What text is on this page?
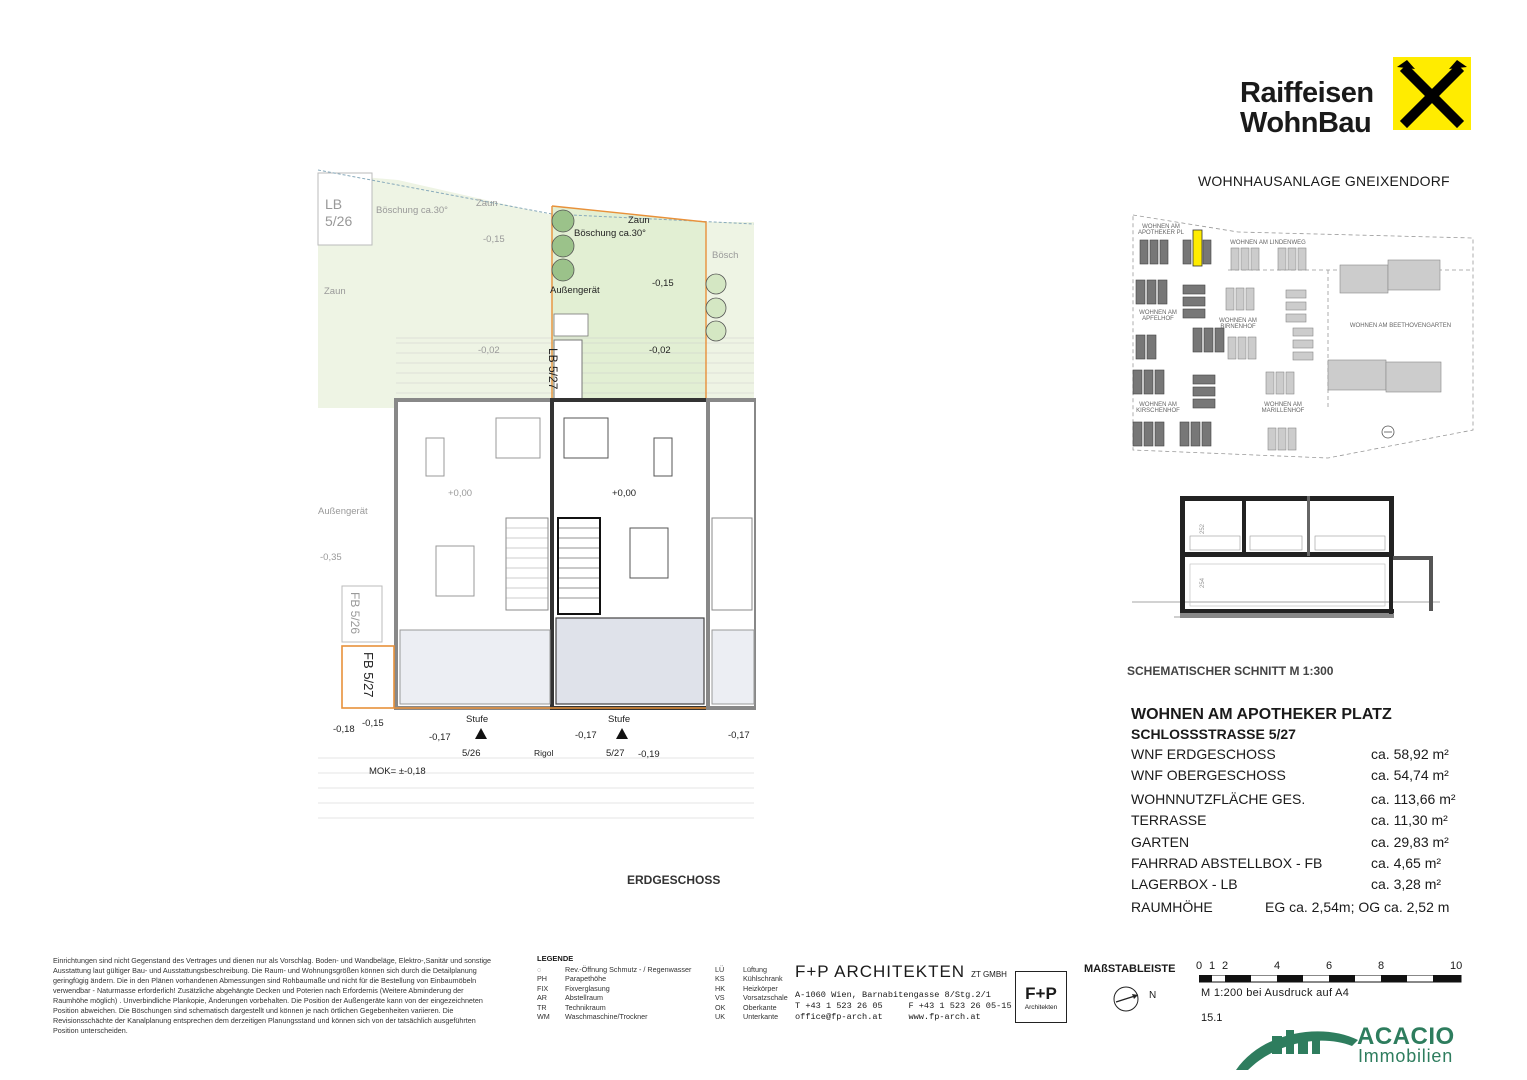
Raiffeisen
WohnBau
WOHNHAUSANLAGE GNEIXENDORF
WOHNEN AM APOTHEKER PL
WOHNEN AM LINDENWEG
WOHNEN AM APFELHOF	WOHNEN AM BIRNENHOF	WOHNEN AM BEETHOVENGARTEN
WOHNEN AM KIRSCHENHOF
WOHNEN AM MARILLENHOF
252
254
SCHEMATISCHER SCHNITT M 1:300
WOHNEN AM APOTHEKER PLATZ
SCHLOSSSTRASSE 5/27
WNF ERDGESCHOSS	ca. 58,92 m²
WNF OBERGESCHOSS	ca. 54,74 m²
WOHNNUTZFLÄCHE GES.	ca. 113,66 m²
TERRASSE	ca. 11,30 m²
GARTEN	ca. 29,83 m²
FAHRRAD ABSTELLBOX - FB	ca. 4,65 m²
LAGERBOX - LB	ca. 3,28 m²
RAUMHÖHE	EG ca. 2,54m; OG ca. 2,52 m
LB
5/26
Böschung ca.30°
Zaun
Zaun
Böschung ca.30°
Bösch
Zaun
-0,15
Außengerät
-0,15
-0,02	-0,02
LB 5/27
+0,00	+0,00
Außengerät
-0,35
FB 5/26
FB 5/27
-0,18
-0,15	Stufe
-0,17
5/26
Stufe
-0,17
5/27 -0,19
Rigol
MOK= ±-0,18
-0,17
ERDGESCHOSS
Einrichtungen sind nicht Gegenstand des Vertrages und dienen nur als Vorschlag. Boden- und Wandbeläge, Elektro-,Sanitär und sonstige Ausstattung laut gültiger Bau- und Ausstattungsbeschreibung. Die Raum- und Wohnungsgrößen können sich durch die Detailplanung geringfügig ändern. Die in den Plänen vorhandenen Abmessungen sind Rohbaumaße und nicht für die Bestellung von Einbaumöbeln verwendbar - Naturmasse erforderlich! Zusätzliche abgehängte Decken und Poterien nach Erfordernis (Weitere Abminderung der Raumhöhe möglich) . Unverbindliche Plankopie, Änderungen vorbehalten. Die Position der Außengeräte kann von der eingezeichneten Position abweichen. Die Böschungen sind schematisch dargestellt und können je nach örtlichen Gegebenheiten variieren. Die Revisionsschächte der Kanalplanung entsprechen dem derzeitigen Planungsstand und können sich von der tatsächlich ausgeführten Position unterscheiden.
LEGENDE
◌	Rev.-Öffnung Schmutz - / Regenwasser	LÜ	Lüftung
PH	Parapethöhe	KS	Kühlschrank
FIX	Fixverglasung	HK	Heizkörper
AR	Abstellraum	VS	Vorsatzschale
TR	Technikraum	OK	Oberkante
WM	Waschmaschine/Trockner	UK	Unterkante
F+P ARCHITEKTEN ZT GMBH
A-1060 Wien, Barnabitengasse 8/Stg.2/1
T +43 1 523 26 05     F +43 1 523 26 05-15
office@fp-arch.at     www.fp-arch.at
F+P
Architekten
MAßSTABLEISTE
N
0 1 2	4	6	8	10
M 1:200 bei Ausdruck auf A4
15.1
ACACIO
Immobilien
